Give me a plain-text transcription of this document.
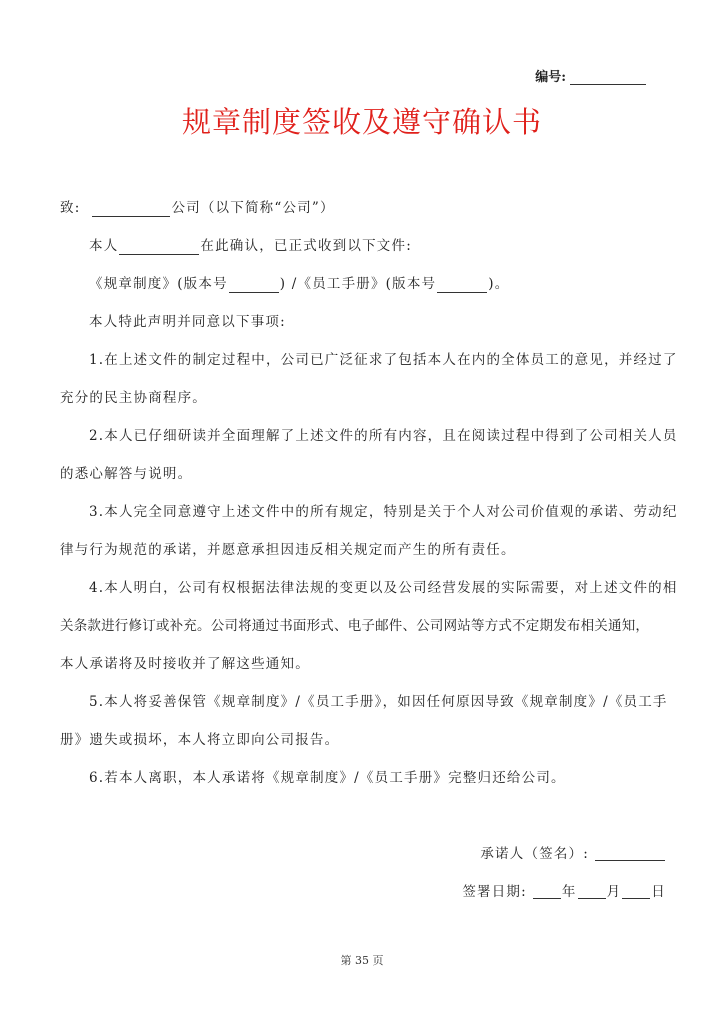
编号:
规章制度签收及遵守确认书
致:	公司（以下简称“公司”）
本人	在此确认，已正式收到以下文件:
《规章制度》(版本号	) /《员工手册》(版本号	)。
本人特此声明并同意以下事项:
1.在上述文件的制定过程中，公司已广泛征求了包括本人在内的全体员工的意见，并经过了
充分的民主协商程序。
2.本人已仔细研读并全面理解了上述文件的所有内容，且在阅读过程中得到了公司相关人员
的悉心解答与说明。
3.本人完全同意遵守上述文件中的所有规定，特别是关于个人对公司价值观的承诺、劳动纪
律与行为规范的承诺，并愿意承担因违反相关规定而产生的所有责任。
4.本人明白，公司有权根据法律法规的变更以及公司经营发展的实际需要，对上述文件的相
关条款进行修订或补充。公司将通过书面形式、电子邮件、公司网站等方式不定期发布相关通知，
本人承诺将及时接收并了解这些通知。
5.本人将妥善保管《规章制度》/《员工手册》，如因任何原因导致《规章制度》/《员工手
册》遗失或损坏，本人将立即向公司报告。
6.若本人离职，本人承诺将《规章制度》/《员工手册》完整归还给公司。
承诺人（签名）:
签署日期:	年 月 日
第 35 页
